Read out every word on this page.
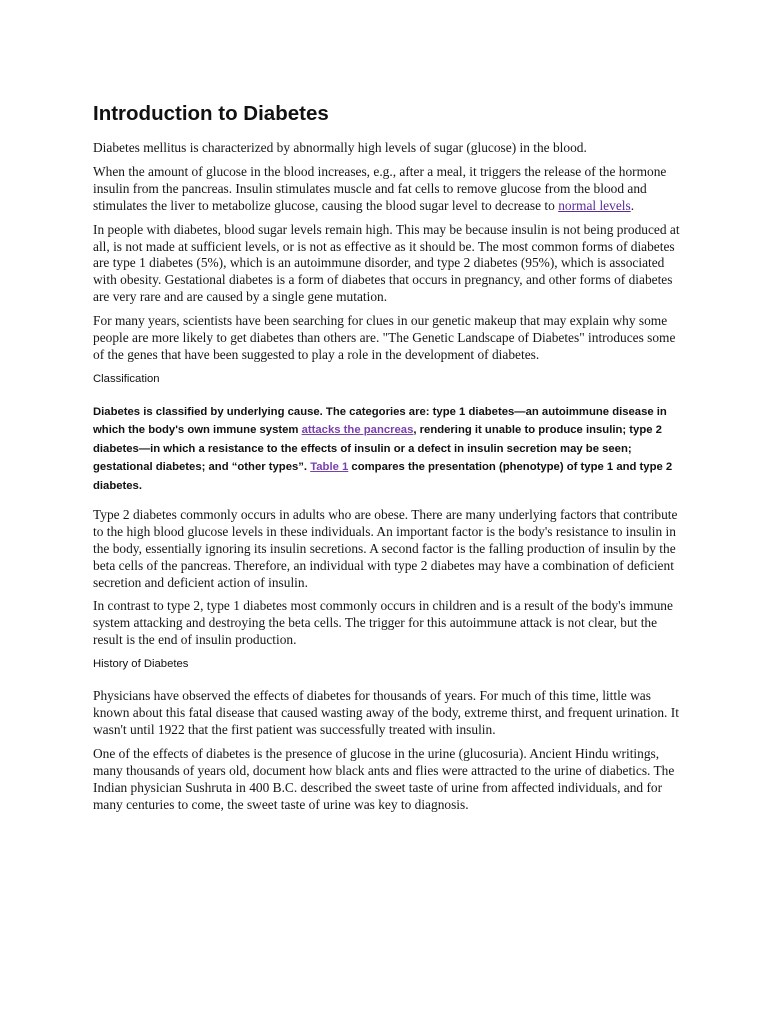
Introduction to Diabetes

Diabetes mellitus is characterized by abnormally high levels of sugar (glucose) in the blood.

When the amount of glucose in the blood increases, e.g., after a meal, it triggers the release of the hormone insulin from the pancreas. Insulin stimulates muscle and fat cells to remove glucose from the blood and stimulates the liver to metabolize glucose, causing the blood sugar level to decrease to normal levels.

In people with diabetes, blood sugar levels remain high. This may be because insulin is not being produced at all, is not made at sufficient levels, or is not as effective as it should be. The most common forms of diabetes are type 1 diabetes (5%), which is an autoimmune disorder, and type 2 diabetes (95%), which is associated with obesity. Gestational diabetes is a form of diabetes that occurs in pregnancy, and other forms of diabetes are very rare and are caused by a single gene mutation.

For many years, scientists have been searching for clues in our genetic makeup that may explain why some people are more likely to get diabetes than others are. "The Genetic Landscape of Diabetes" introduces some of the genes that have been suggested to play a role in the development of diabetes.

Classification

Diabetes is classified by underlying cause. The categories are: type 1 diabetes—an autoimmune disease in which the body's own immune system attacks the pancreas, rendering it unable to produce insulin; type 2 diabetes—in which a resistance to the effects of insulin or a defect in insulin secretion may be seen; gestational diabetes; and “other types”. Table 1 compares the presentation (phenotype) of type 1 and type 2 diabetes.

Type 2 diabetes commonly occurs in adults who are obese. There are many underlying factors that contribute to the high blood glucose levels in these individuals. An important factor is the body's resistance to insulin in the body, essentially ignoring its insulin secretions. A second factor is the falling production of insulin by the beta cells of the pancreas. Therefore, an individual with type 2 diabetes may have a combination of deficient secretion and deficient action of insulin.

In contrast to type 2, type 1 diabetes most commonly occurs in children and is a result of the body's immune system attacking and destroying the beta cells. The trigger for this autoimmune attack is not clear, but the result is the end of insulin production.

History of Diabetes

Physicians have observed the effects of diabetes for thousands of years. For much of this time, little was known about this fatal disease that caused wasting away of the body, extreme thirst, and frequent urination. It wasn't until 1922 that the first patient was successfully treated with insulin.

One of the effects of diabetes is the presence of glucose in the urine (glucosuria). Ancient Hindu writings, many thousands of years old, document how black ants and flies were attracted to the urine of diabetics. The Indian physician Sushruta in 400 B.C. described the sweet taste of urine from affected individuals, and for many centuries to come, the sweet taste of urine was key to diagnosis.
